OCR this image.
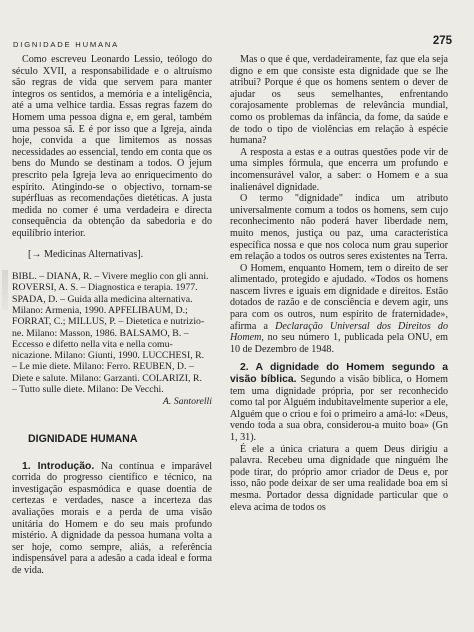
DIGNIDADE HUMANA	275

Como escreveu Leonardo Lessio, teólogo do século XVII, a responsabilidade e o altruísmo são regras de vida que servem para manter íntegros os sentidos, a memória e a inteligência, até a uma velhice tardia. Essas regras fazem do Homem uma pessoa digna e, em geral, também uma pessoa sã. E é por isso que a Igreja, ainda hoje, convida a que limitemos as nossas necessidades ao essencial, tendo em conta que os bens do Mundo se destinam a todos. O jejum prescrito pela Igreja leva ao enriquecimento do espírito. Atingindo-se o objectivo, tornam-se supérfluas as recomendações dietéticas. A justa medida no comer é uma verdadeira e directa consequência da obtenção da sabedoria e do equilíbrio interior.

[→ Medicinas Alternativas].

BIBL. – DIANA, R. – Vivere meglio con gli anni.
ROVERSI, A. S. – Diagnostica e terapia. 1977.
SPADA, D. – Guida alla medicina alternativa.
Milano: Armenia, 1990. APFELIBAUM, D.;
FORRAT, C.; MILLUS, P. – Dietetica e nutrizio-
ne. Milano: Masson, 1986. BALSAMO, B. –
Eccesso e difetto nella vita e nella comu-
nicazione. Milano: Giunti, 1990. LUCCHESI, R.
– Le mie diete. Milano: Ferro. REUBEN, D. –
Diete e salute. Milano: Garzanti. COLARIZI, R.
– Tutto sulle diete. Milano: De Vecchi.

A. Santorelli

DIGNIDADE HUMANA

1. Introdução. Na contínua e imparável corrida do progresso científico e técnico, na investigação espasmódica e quase doentia de certezas e verdades, nasce a incerteza das avaliações morais e a perda de uma visão unitária do Homem e do seu mais profundo mistério. A dignidade da pessoa humana volta a ser hoje, como sempre, aliás, a referência indispensável para a adesão a cada ideal e forma de vida.

Mas o que é que, verdadeiramente, faz que ela seja digno e em que consiste esta dignidade que se lhe atribui? Porque é que os homens sentem o dever de ajudar os seus semelhantes, enfrentando corajosamente problemas de relevância mundial, como os problemas da infância, da fome, da saúde e de todo o tipo de violências em relação à espécie humana?

A resposta a estas e a outras questões pode vir de uma simples fórmula, que encerra um profundo e incomensurável valor, a saber: o Homem e a sua inalienável dignidade.

O termo "dignidade" indica um atributo universalmente comum a todos os homens, sem cujo reconhecimento não poderá haver liberdade nem, muito menos, justiça ou paz, uma característica específica nossa e que nos coloca num grau superior em relação a todos os outros seres existentes na Terra.

O Homem, enquanto Homem, tem o direito de ser alimentado, protegido e ajudado. «Todos os homens nascem livres e iguais em dignidade e direitos. Estão dotados de razão e de consciência e devem agir, uns para com os outros, num espírito de fraternidade», afirma a Declaração Universal dos Direitos do Homem, no seu número 1, publicada pela ONU, em 10 de Dezembro de 1948.

2. A dignidade do Homem segundo a visão bíblica. Segundo a visão bíblica, o Homem tem uma dignidade própria, por ser reconhecido como tal por Alguém indubitavelmente superior a ele, Alguém que o criou e foi o primeiro a amá-lo: «Deus, vendo toda a sua obra, considerou-a muito boa» (Gn 1, 31).

É ele a única criatura a quem Deus dirigiu a palavra. Recebeu uma dignidade que ninguém lhe pode tirar, do próprio amor criador de Deus e, por isso, não pode deixar de ser uma realidade boa em si mesma. Portador dessa dignidade particular que o eleva acima de todos os
